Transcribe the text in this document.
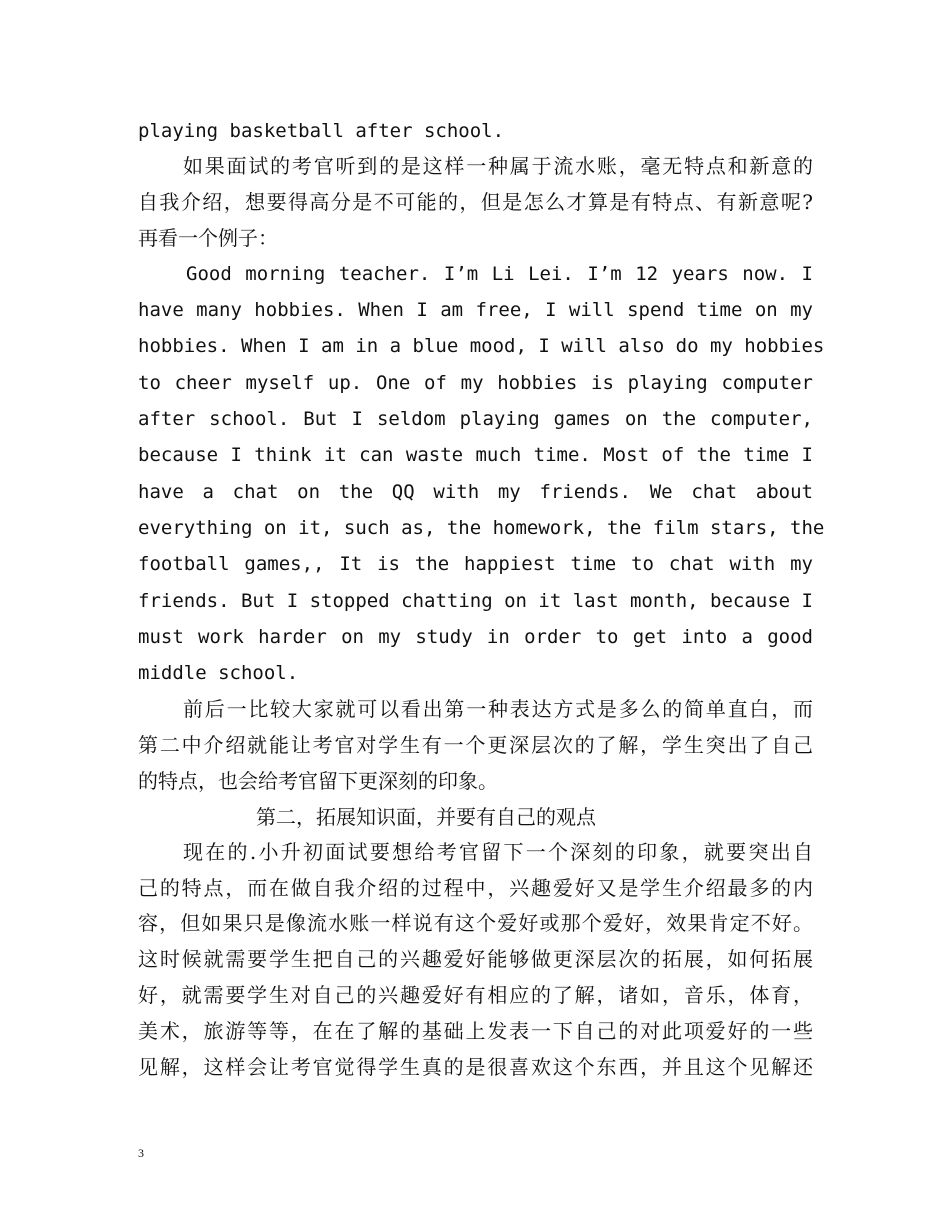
playing basketball after school.
如果面试的考官听到的是这样一种属于流水账，毫无特点和新意的
自我介绍，想要得高分是不可能的，但是怎么才算是有特点、有新意呢?
再看一个例子：
Good morning teacher. I’m Li Lei. I’m 12 years now. I
have many hobbies. When I am free, I will spend time on my
hobbies. When I am in a blue mood, I will also do my hobbies
to cheer myself up. One of my hobbies is playing computer
after school. But I seldom playing games on the computer,
because I think it can waste much time. Most of the time I
have a chat on the QQ with my friends. We chat about
everything on it, such as, the homework, the film stars, the
football games,, It is the happiest time to chat with my
friends. But I stopped chatting on it last month, because I
must work harder on my study in order to get into a good
middle school.
前后一比较大家就可以看出第一种表达方式是多么的简单直白，而
第二中介绍就能让考官对学生有一个更深层次的了解，学生突出了自己
的特点，也会给考官留下更深刻的印象。
第二，拓展知识面，并要有自己的观点
现在的.小升初面试要想给考官留下一个深刻的印象，就要突出自
己的特点，而在做自我介绍的过程中，兴趣爱好又是学生介绍最多的内
容，但如果只是像流水账一样说有这个爱好或那个爱好，效果肯定不好。
这时候就需要学生把自己的兴趣爱好能够做更深层次的拓展，如何拓展
好，就需要学生对自己的兴趣爱好有相应的了解，诸如，音乐，体育，
美术，旅游等等，在在了解的基础上发表一下自己的对此项爱好的一些
见解，这样会让考官觉得学生真的是很喜欢这个东西，并且这个见解还
3
